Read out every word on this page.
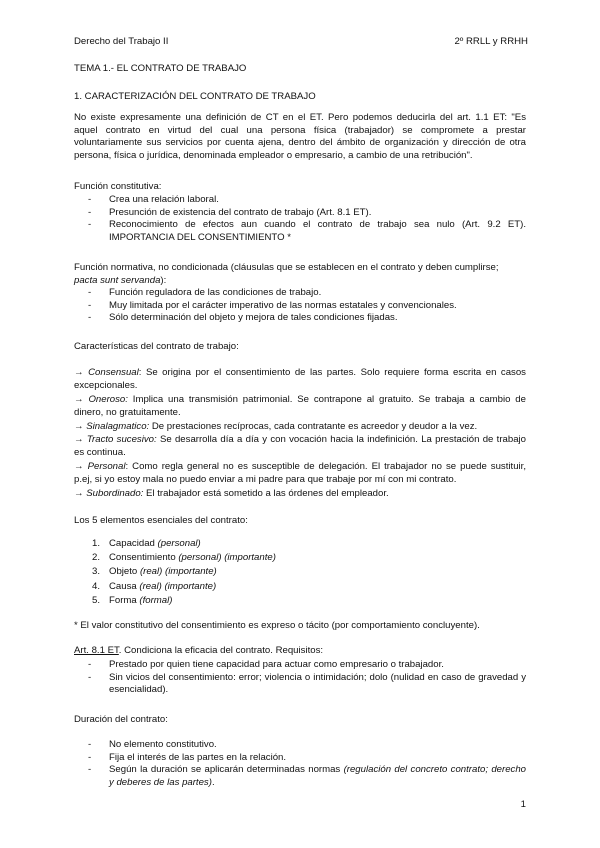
Derecho del Trabajo II	2º RRLL y RRHH
TEMA 1.- EL CONTRATO DE TRABAJO
1. CARACTERIZACIÓN DEL CONTRATO DE TRABAJO
No existe expresamente una definición de CT en el ET. Pero podemos deducirla del art. 1.1 ET: "Es
aquel contrato en virtud del cual una persona física (trabajador) se compromete a prestar
voluntariamente sus servicios por cuenta ajena, dentro del ámbito de organización y dirección de otra
persona, física o jurídica, denominada empleador o empresario, a cambio de una retribución".
Función constitutiva:
- Crea una relación laboral.
- Presunción de existencia del contrato de trabajo (Art. 8.1 ET).
- Reconocimiento de efectos aun cuando el contrato de trabajo sea nulo (Art. 9.2 ET).
IMPORTANCIA DEL CONSENTIMIENTO *
Función normativa, no condicionada (cláusulas que se establecen en el contrato y deben cumplirse;
pacta sunt servanda):
- Función reguladora de las condiciones de trabajo.
- Muy limitada por el carácter imperativo de las normas estatales y convencionales.
- Sólo determinación del objeto y mejora de tales condiciones fijadas.
Características del contrato de trabajo:

→ Consensual: Se origina por el consentimiento de las partes. Solo requiere forma escrita en casos excepcionales.

→ Oneroso: Implica una transmisión patrimonial. Se contrapone al gratuito. Se trabaja a cambio de dinero, no gratuitamente.

→ Sinalagmatico: De prestaciones recíprocas, cada contratante es acreedor y deudor a la vez.

→ Tracto sucesivo: Se desarrolla día a día y con vocación hacia la indefinición. La prestación de trabajo es continua.

→ Personal: Como regla general no es susceptible de delegación. El trabajador no se puede sustituir, p.ej, si yo estoy mala no puedo enviar a mi padre para que trabaje por mí con mi contrato.

→ Subordinado: El trabajador está sometido a las órdenes del empleador.

Los 5 elementos esenciales del contrato:
1. Capacidad (personal)
2. Consentimiento (personal) (importante)
3. Objeto (real) (importante)
4. Causa (real) (importante)
5. Forma (formal)
* El valor constitutivo del consentimiento es expreso o tácito (por comportamiento concluyente).
Art. 8.1 ET. Condiciona la eficacia del contrato. Requisitos:
- Prestado por quien tiene capacidad para actuar como empresario o trabajador.
- Sin vicios del consentimiento: error; violencia o intimidación; dolo (nulidad en caso de gravedad y esencialidad).
Duración del contrato:
- No elemento constitutivo.
- Fija el interés de las partes en la relación.
- Según la duración se aplicarán determinadas normas (regulación del concreto contrato; derecho y deberes de las partes).
1
